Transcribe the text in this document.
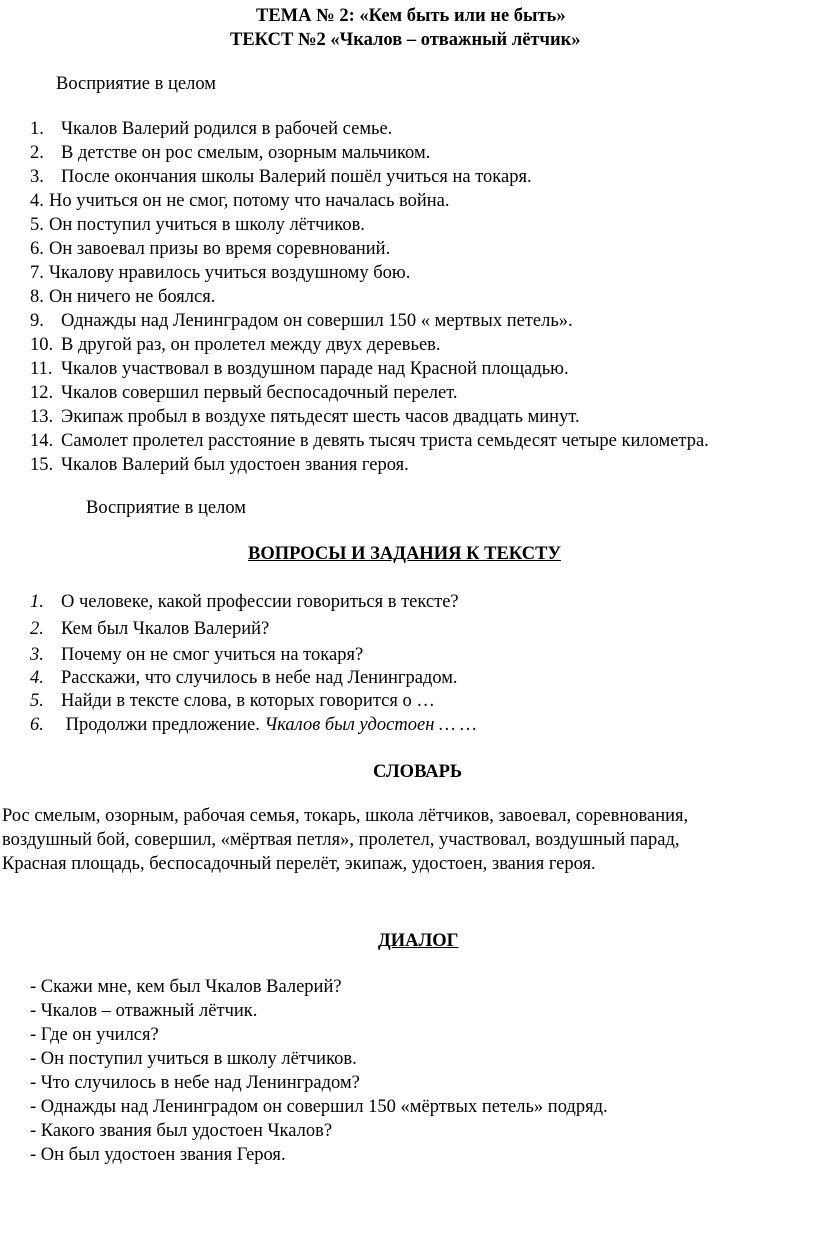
ТЕМА № 2: «Кем быть или не быть»
ТЕКСТ №2 «Чкалов – отважный лётчик»
Восприятие в целом
1. Чкалов Валерий родился в рабочей семье.
2. В детстве он рос смелым, озорным мальчиком.
3. После окончания школы Валерий пошёл учиться на токаря.
4. Но учиться он не смог, потому что началась война.
5. Он поступил учиться в школу лётчиков.
6. Он завоевал призы во время соревнований.
7. Чкалову нравилось учиться воздушному бою.
8. Он ничего не боялся.
9. Однажды над Ленинградом он совершил 150 « мертвых петель».
10. В другой раз, он пролетел между двух деревьев.
11. Чкалов участвовал в воздушном параде над Красной площадью.
12. Чкалов совершил первый беспосадочный перелет.
13. Экипаж пробыл в воздухе пятьдесят шесть часов двадцать минут.
14. Самолет пролетел расстояние в девять тысяч триста семьдесят четыре километра.
15. Чкалов Валерий был удостоен звания героя.
Восприятие в целом
ВОПРОСЫ И ЗАДАНИЯ К ТЕКСТУ
1. О человеке, какой профессии говориться в тексте?
2. Кем был Чкалов Валерий?
3. Почему он не смог учиться на токаря?
4. Расскажи, что случилось в небе над Ленинградом.
5. Найди в тексте слова, в которых говорится о …
6. Продолжи предложение. Чкалов был удостоен … …
СЛОВАРЬ
Рос смелым, озорным, рабочая семья, токарь, школа лётчиков, завоевал, соревнования,
воздушный бой, совершил, «мёртвая петля», пролетел, участвовал, воздушный парад,
Красная площадь, беспосадочный перелёт, экипаж, удостоен, звания героя.
ДИАЛОГ
- Скажи мне, кем был Чкалов Валерий?
- Чкалов – отважный лётчик.
- Где он учился?
- Он поступил учиться в школу лётчиков.
- Что случилось в небе над Ленинградом?
- Однажды над Ленинградом он совершил 150 «мёртвых петель» подряд.
- Какого звания был удостоен Чкалов?
- Он был удостоен звания Героя.
